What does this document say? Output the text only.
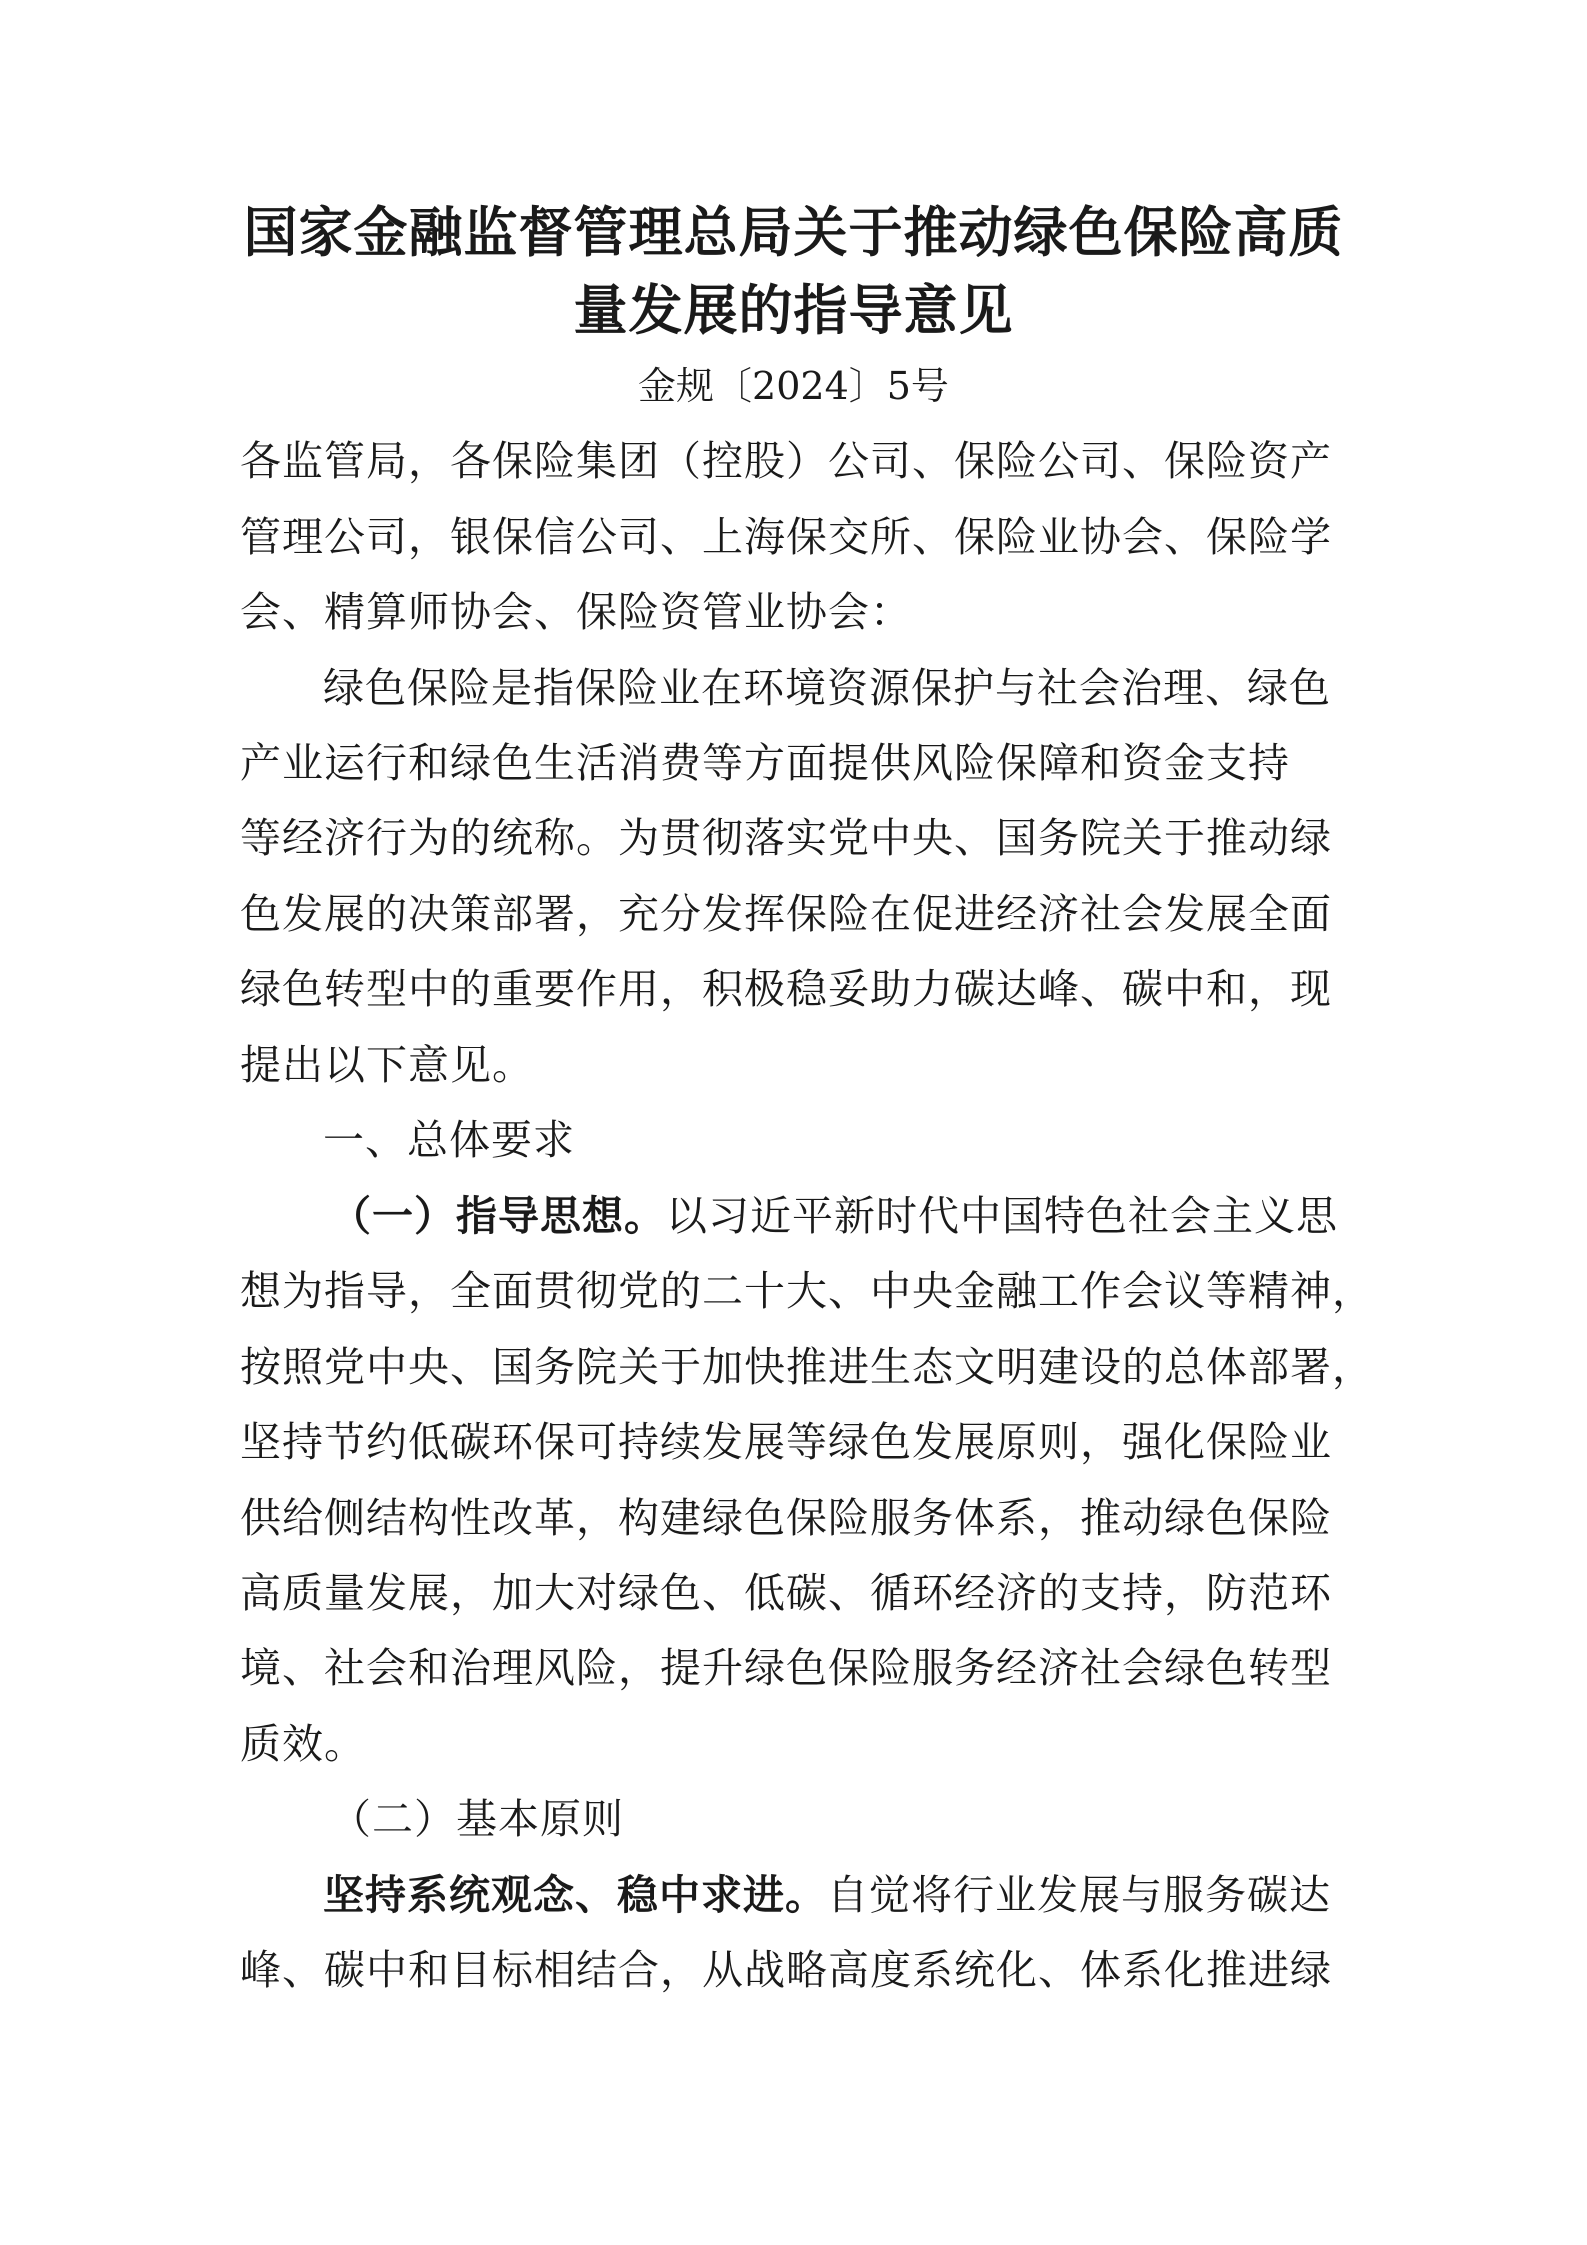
国家金融监督管理总局关于推动绿色保险高质
量发展的指导意见
金规〔2024〕5号
各监管局，各保险集团（控股）公司、保险公司、保险资产
管理公司，银保信公司、上海保交所、保险业协会、保险学
会、精算师协会、保险资管业协会：
绿色保险是指保险业在环境资源保护与社会治理、绿色
产业运行和绿色生活消费等方面提供风险保障和资金支持
等经济行为的统称。为贯彻落实党中央、国务院关于推动绿
色发展的决策部署，充分发挥保险在促进经济社会发展全面
绿色转型中的重要作用，积极稳妥助力碳达峰、碳中和，现
提出以下意见。
一、总体要求
（一）指导思想。以习近平新时代中国特色社会主义思
想为指导，全面贯彻党的二十大、中央金融工作会议等精神，
按照党中央、国务院关于加快推进生态文明建设的总体部署，
坚持节约低碳环保可持续发展等绿色发展原则，强化保险业
供给侧结构性改革，构建绿色保险服务体系，推动绿色保险
高质量发展，加大对绿色、低碳、循环经济的支持，防范环
境、社会和治理风险，提升绿色保险服务经济社会绿色转型
质效。
（二）基本原则
坚持系统观念、稳中求进。自觉将行业发展与服务碳达
峰、碳中和目标相结合，从战略高度系统化、体系化推进绿
